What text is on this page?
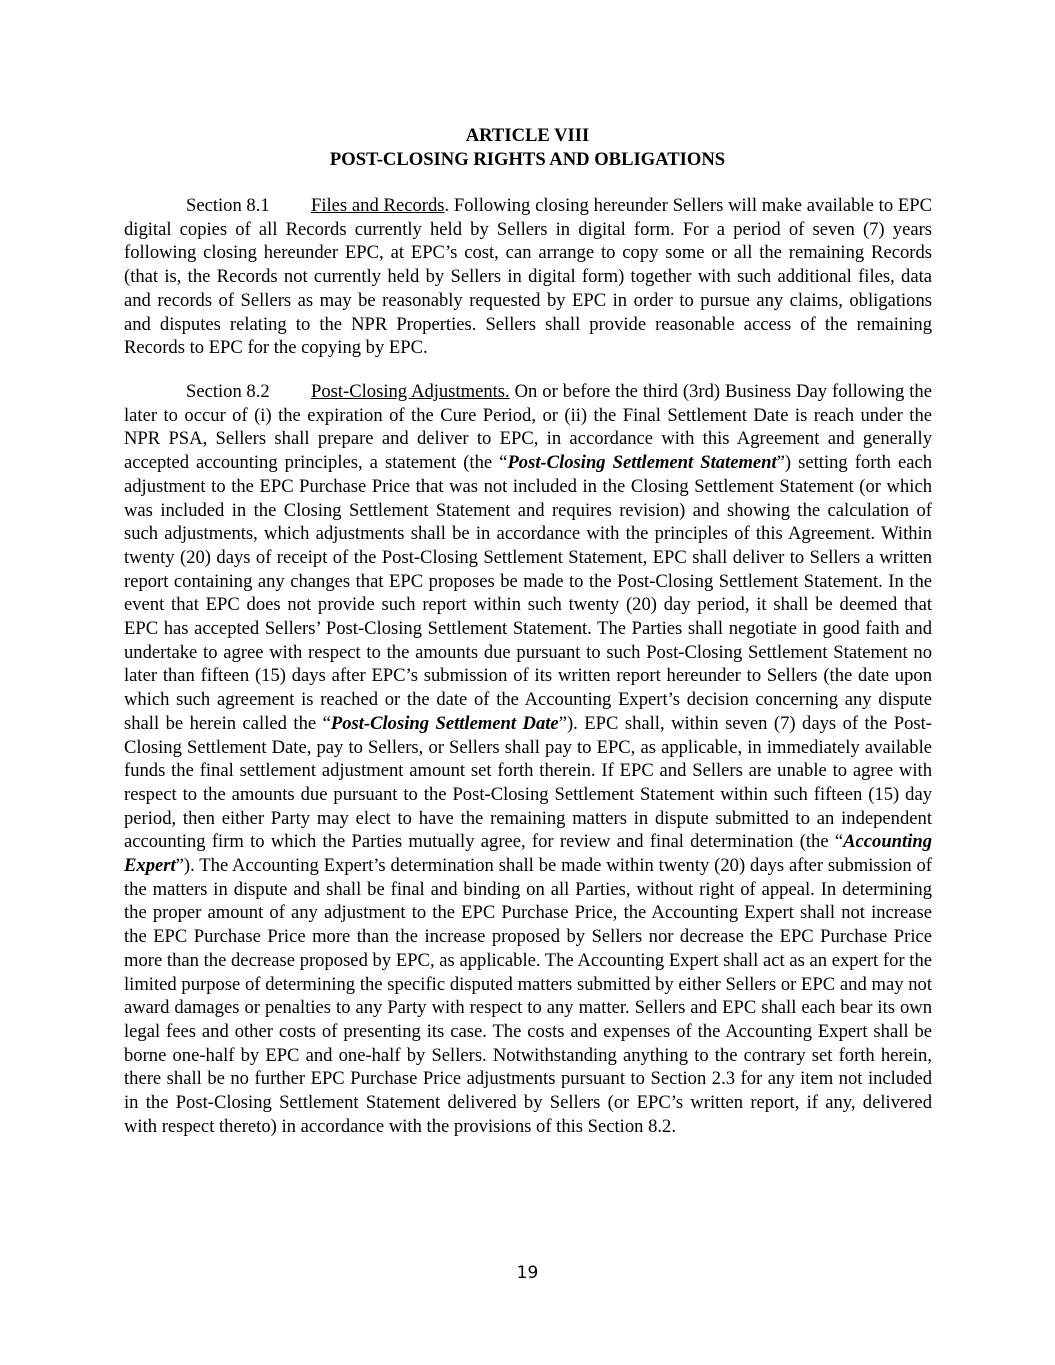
ARTICLE VIII
POST-CLOSING RIGHTS AND OBLIGATIONS

Section 8.1 Files and Records. Following closing hereunder Sellers will make available to EPC digital copies of all Records currently held by Sellers in digital form. For a period of seven (7) years following closing hereunder EPC, at EPC’s cost, can arrange to copy some or all the remaining Records (that is, the Records not currently held by Sellers in digital form) together with such additional files, data and records of Sellers as may be reasonably requested by EPC in order to pursue any claims, obligations and disputes relating to the NPR Properties. Sellers shall provide reasonable access of the remaining Records to EPC for the copying by EPC.

Section 8.2 Post-Closing Adjustments. On or before the third (3rd) Business Day following the later to occur of (i) the expiration of the Cure Period, or (ii) the Final Settlement Date is reach under the NPR PSA, Sellers shall prepare and deliver to EPC, in accordance with this Agreement and generally accepted accounting principles, a statement (the “Post-Closing Settlement Statement”) setting forth each adjustment to the EPC Purchase Price that was not included in the Closing Settlement Statement (or which was included in the Closing Settlement Statement and requires revision) and showing the calculation of such adjustments, which adjustments shall be in accordance with the principles of this Agreement. Within twenty (20) days of receipt of the Post-Closing Settlement Statement, EPC shall deliver to Sellers a written report containing any changes that EPC proposes be made to the Post-Closing Settlement Statement. In the event that EPC does not provide such report within such twenty (20) day period, it shall be deemed that EPC has accepted Sellers’ Post-Closing Settlement Statement. The Parties shall negotiate in good faith and undertake to agree with respect to the amounts due pursuant to such Post-Closing Settlement Statement no later than fifteen (15) days after EPC’s submission of its written report hereunder to Sellers (the date upon which such agreement is reached or the date of the Accounting Expert’s decision concerning any dispute shall be herein called the “Post-Closing Settlement Date”). EPC shall, within seven (7) days of the Post-Closing Settlement Date, pay to Sellers, or Sellers shall pay to EPC, as applicable, in immediately available funds the final settlement adjustment amount set forth therein. If EPC and Sellers are unable to agree with respect to the amounts due pursuant to the Post-Closing Settlement Statement within such fifteen (15) day period, then either Party may elect to have the remaining matters in dispute submitted to an independent accounting firm to which the Parties mutually agree, for review and final determination (the “Accounting Expert”). The Accounting Expert’s determination shall be made within twenty (20) days after submission of the matters in dispute and shall be final and binding on all Parties, without right of appeal. In determining the proper amount of any adjustment to the EPC Purchase Price, the Accounting Expert shall not increase the EPC Purchase Price more than the increase proposed by Sellers nor decrease the EPC Purchase Price more than the decrease proposed by EPC, as applicable. The Accounting Expert shall act as an expert for the limited purpose of determining the specific disputed matters submitted by either Sellers or EPC and may not award damages or penalties to any Party with respect to any matter. Sellers and EPC shall each bear its own legal fees and other costs of presenting its case. The costs and expenses of the Accounting Expert shall be borne one-half by EPC and one-half by Sellers. Notwithstanding anything to the contrary set forth herein, there shall be no further EPC Purchase Price adjustments pursuant to Section 2.3 for any item not included in the Post-Closing Settlement Statement delivered by Sellers (or EPC’s written report, if any, delivered with respect thereto) in accordance with the provisions of this Section 8.2.

19
